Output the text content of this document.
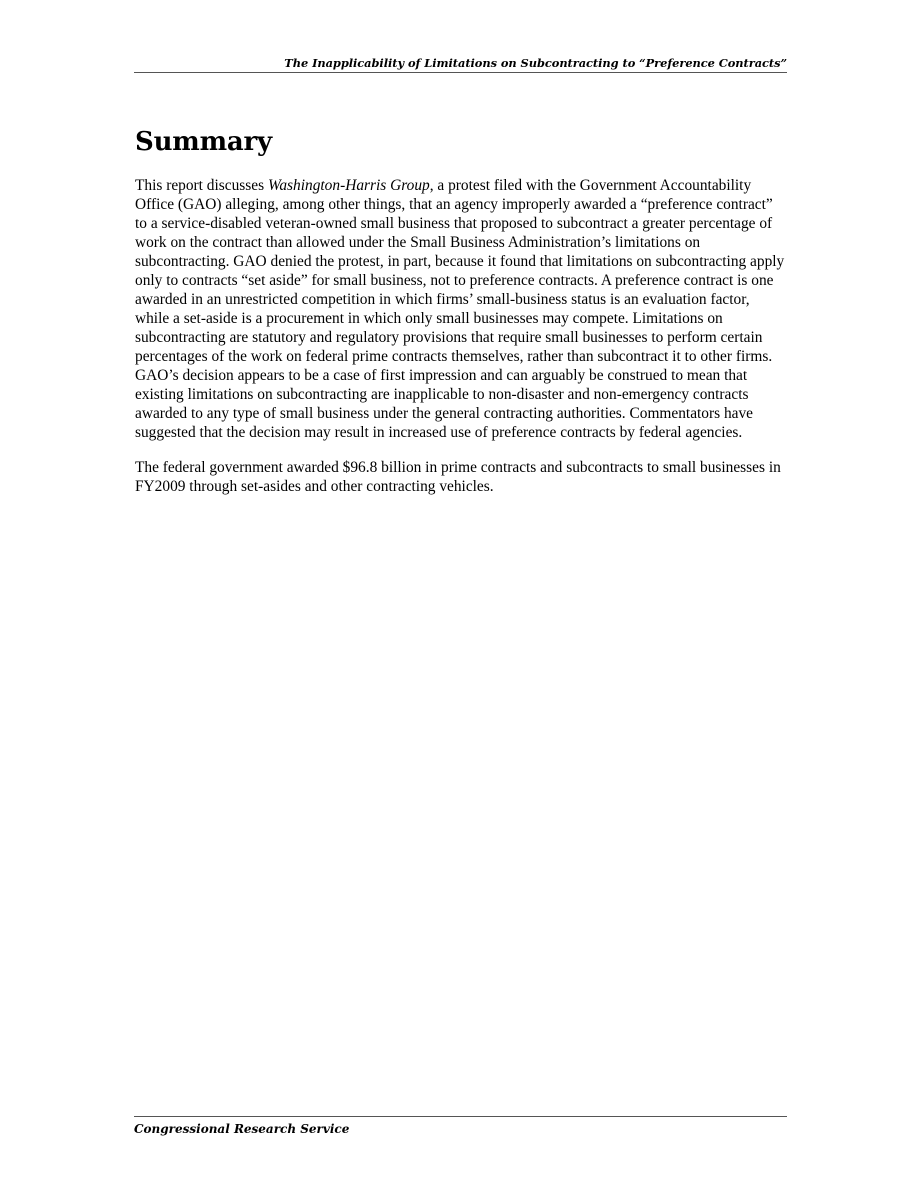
The Inapplicability of Limitations on Subcontracting to “Preference Contracts”
Summary

This report discusses Washington-Harris Group, a protest filed with the Government Accountability Office (GAO) alleging, among other things, that an agency improperly awarded a “preference contract” to a service-disabled veteran-owned small business that proposed to subcontract a greater percentage of work on the contract than allowed under the Small Business Administration’s limitations on subcontracting. GAO denied the protest, in part, because it found that limitations on subcontracting apply only to contracts “set aside” for small business, not to preference contracts. A preference contract is one awarded in an unrestricted competition in which firms’ small-business status is an evaluation factor, while a set-aside is a procurement in which only small businesses may compete. Limitations on subcontracting are statutory and regulatory provisions that require small businesses to perform certain percentages of the work on federal prime contracts themselves, rather than subcontract it to other firms. GAO’s decision appears to be a case of first impression and can arguably be construed to mean that existing limitations on subcontracting are inapplicable to non-disaster and non-emergency contracts awarded to any type of small business under the general contracting authorities. Commentators have suggested that the decision may result in increased use of preference contracts by federal agencies.

The federal government awarded $96.8 billion in prime contracts and subcontracts to small businesses in FY2009 through set-asides and other contracting vehicles.

Congressional Research Service
